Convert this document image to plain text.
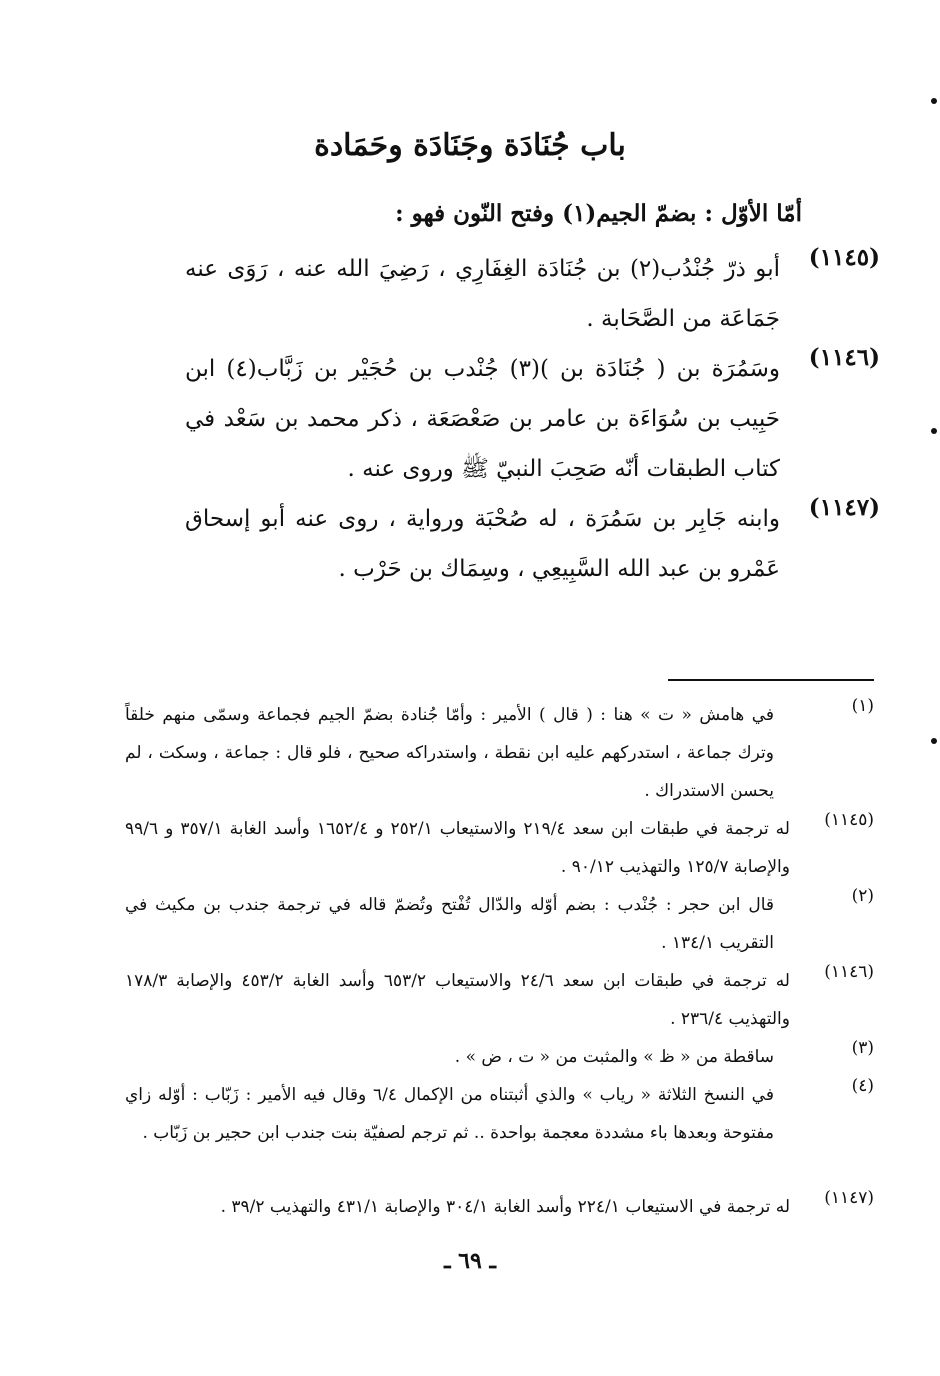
باب جُنَادَة وجَنَادَة وحَمَادة
أمّا الأوّل : بضمّ الجيم(١) وفتح النّون فهو :
(١١٤٥)
أبو ذرّ جُنْدُب(٢) بن جُنَادَة الغِفَارِي ، رَضِيَ الله عنه ، رَوَى عنه جَمَاعَة من الصَّحَابة .
(١١٤٦)
وسَمُرَة بن ( جُنَادَة بن )(٣) جُنْدب بن حُجَيْر بن زَبَّاب(٤) ابن حَبِيب بن سُوَاءَة بن عامر بن صَعْصَعَة ، ذكر محمد بن سَعْد في كتاب الطبقات أنّه صَحِبَ النبيّ ﷺ وروى عنه .
(١١٤٧)
وابنه جَابِر بن سَمُرَة ، له صُحْبَة ورواية ، روى عنه أبو إسحاق عَمْرو بن عبد الله السَّبِيعِي ، وسِمَاك بن حَرْب .
(١)
في هامش « ت » هنا : ( قال ) الأمير : وأمّا جُنادة بضمّ الجيم فجماعة وسمّى منهم خلقاً وترك جماعة ، استدركهم عليه ابن نقطة ، واستدراكه صحيح ، فلو قال : جماعة ، وسكت ، لم يحسن الاستدراك .
(١١٤٥)
له ترجمة في طبقات ابن سعد ٢١٩/٤ والاستيعاب ٢٥٢/١ و ١٦٥٢/٤ وأسد الغابة ٣٥٧/١ و ٩٩/٦ والإصابة ١٢٥/٧ والتهذيب ٩٠/١٢ .
(٢)
قال ابن حجر : جُنْدب : بضم أوّله والدّال تُفْتح وتُضمّ قاله في ترجمة جندب بن مكيث في التقريب ١٣٤/١ .
(١١٤٦)
له ترجمة في طبقات ابن سعد ٢٤/٦ والاستيعاب ٦٥٣/٢ وأسد الغابة ٤٥٣/٢ والإصابة ١٧٨/٣ والتهذيب ٢٣٦/٤ .
(٣)
ساقطة من « ظ » والمثبت من « ت ، ض » .
(٤)
في النسخ الثلاثة « رياب » والذي أثبتناه من الإكمال ٦/٤ وقال فيه الأمير : زَبّاب : أوّله زاي مفتوحة وبعدها باء مشددة معجمة بواحدة .. ثم ترجم لصفيّة بنت جندب ابن حجير بن زَبّاب .
(١١٤٧)
له ترجمة في الاستيعاب ٢٢٤/١ وأسد الغابة ٣٠٤/١ والإصابة ٤٣١/١ والتهذيب ٣٩/٢ .
ـ ٦٩ ـ
